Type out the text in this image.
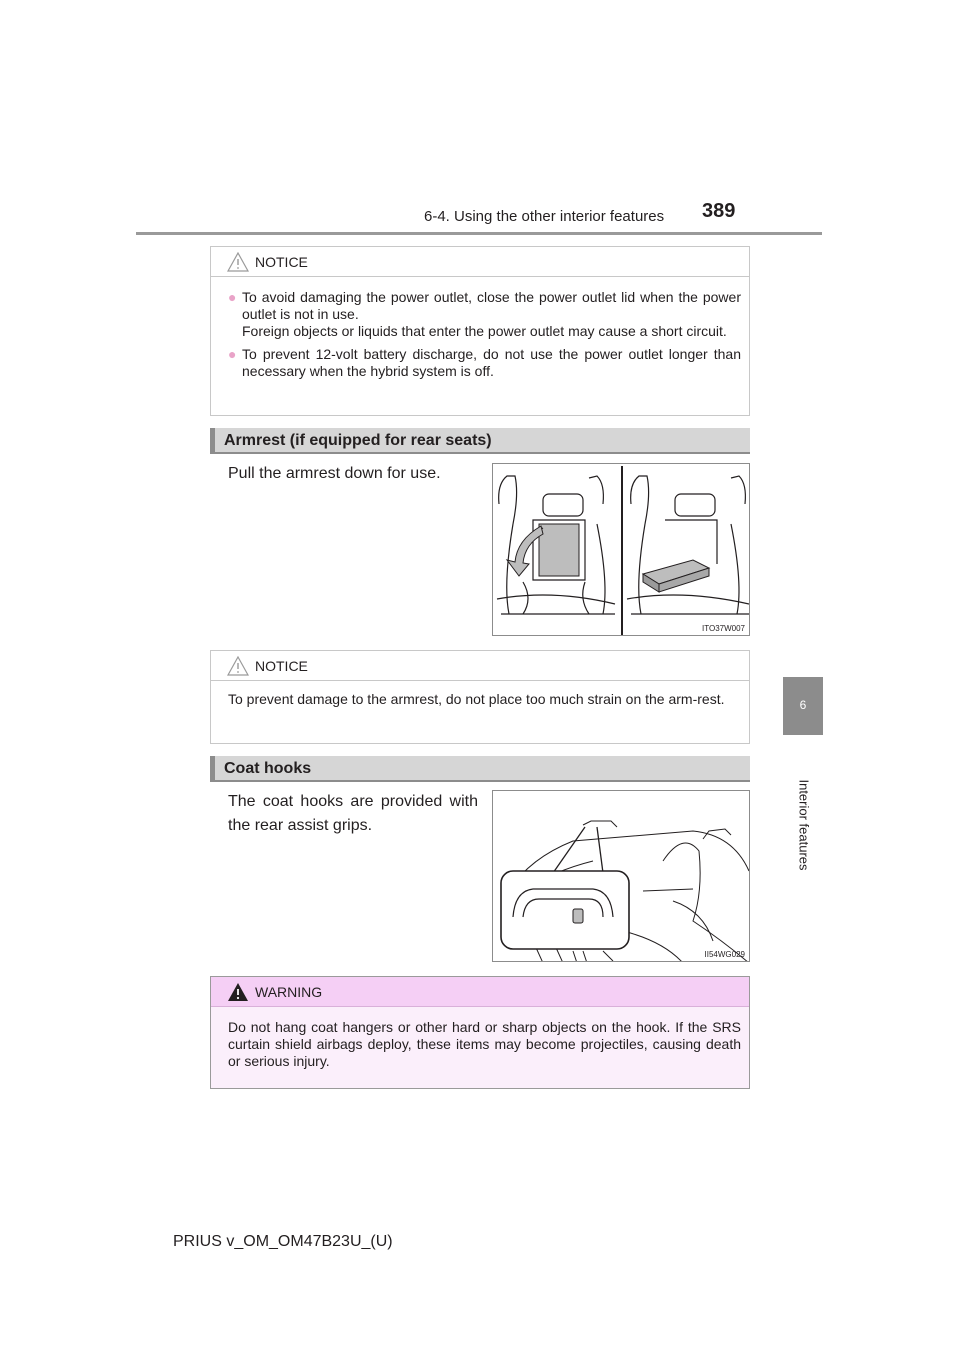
6-4. Using the other interior features 389
6
Interior features
NOTICE
● To avoid damaging the power outlet, close the power outlet lid when the power outlet is not in use.
Foreign objects or liquids that enter the power outlet may cause a short circuit.
● To prevent 12-volt battery discharge, do not use the power outlet longer than necessary when the hybrid system is off.
Armrest (if equipped for rear seats)
Pull the armrest down for use.
ITO37W007
NOTICE
To prevent damage to the armrest, do not place too much strain on the arm-rest.
Coat hooks
The coat hooks are provided with the rear assist grips.
II54WG029
WARNING
Do not hang coat hangers or other hard or sharp objects on the hook. If the SRS curtain shield airbags deploy, these items may become projectiles, causing death or serious injury.
PRIUS v_OM_OM47B23U_(U)
